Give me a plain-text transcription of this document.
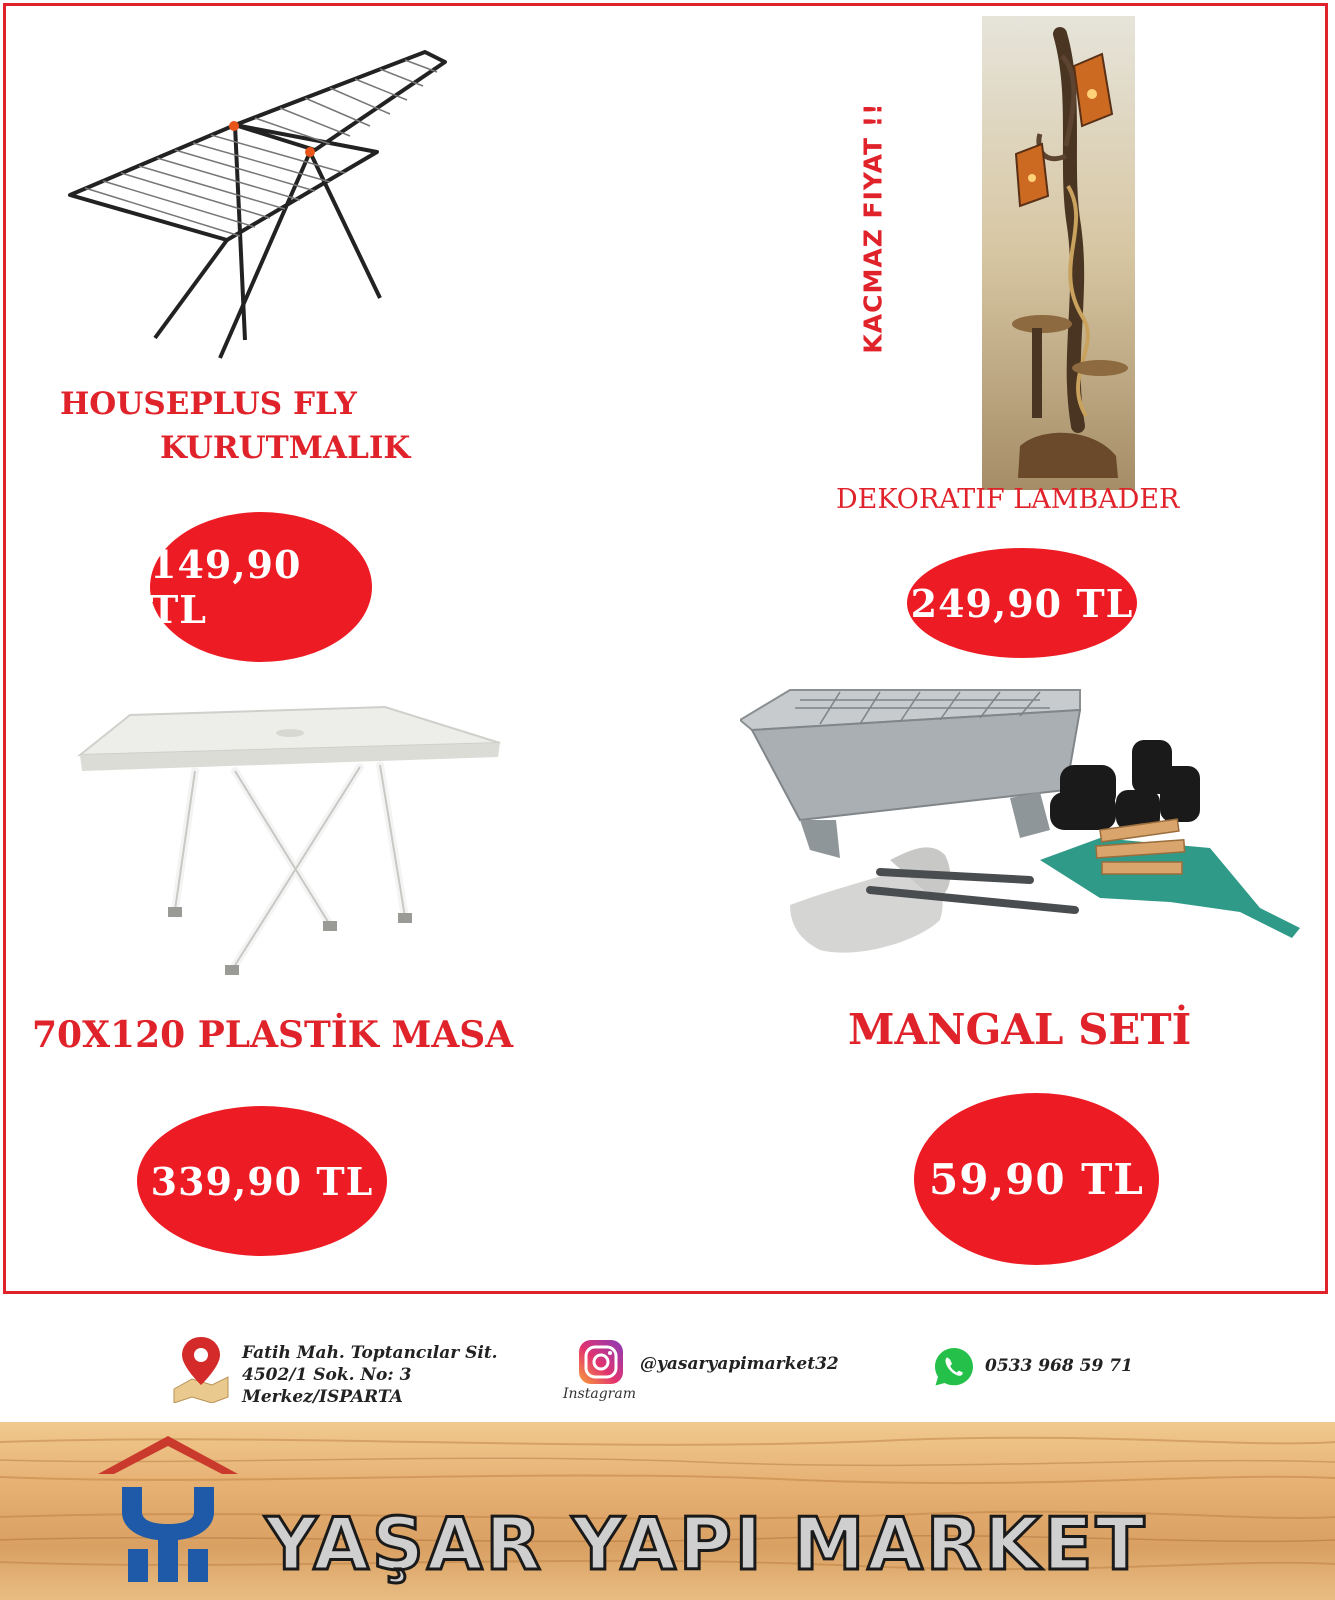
HOUSEPLUS FLY
KURUTMALIK
149,90 TL
KACMAZ FIYAT !!
DEKORATIF LAMBADER
249,90 TL
70X120 PLASTİK MASA
339,90 TL
MANGAL SETİ
59,90 TL
Fatih Mah. Toptancılar Sit.
4502/1 Sok. No: 3
Merkez/ISPARTA	Instagram
@yasaryapimarket32	0533 968 59 71
YAŞAR YAPI MARKET
